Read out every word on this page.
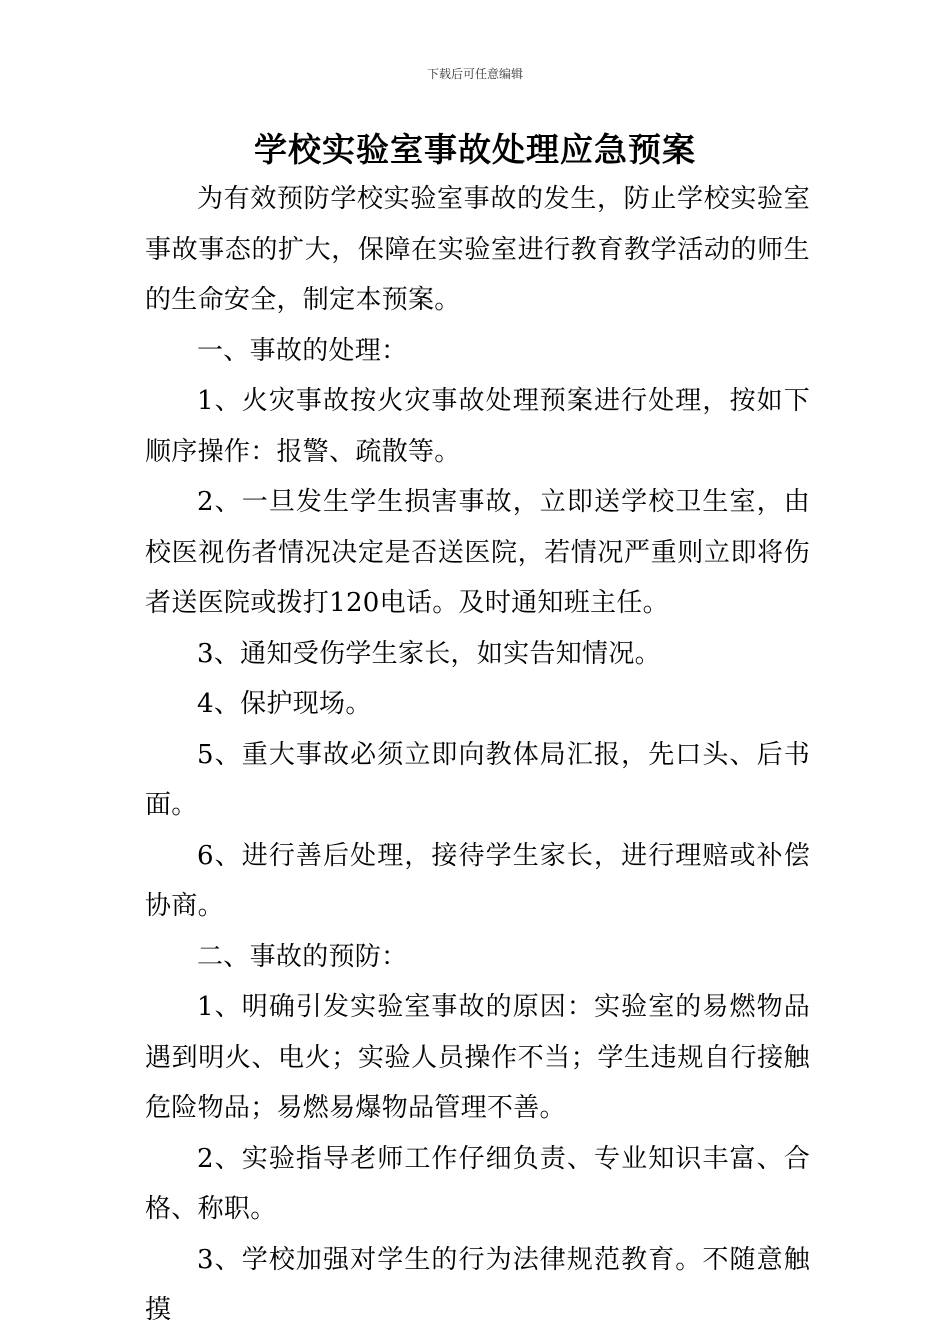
下载后可任意编辑
学校实验室事故处理应急预案

为有效预防学校实验室事故的发生，防止学校实验室事故事态的扩大，保障在实验室进行教育教学活动的师生的生命安全，制定本预案。

一、事故的处理：

1、火灾事故按火灾事故处理预案进行处理，按如下顺序操作：报警、疏散等。

2、一旦发生学生损害事故，立即送学校卫生室，由校医视伤者情况决定是否送医院，若情况严重则立即将伤者送医院或拨打120电话。及时通知班主任。

3、通知受伤学生家长，如实告知情况。

4、保护现场。

5、重大事故必须立即向教体局汇报，先口头、后书面。

6、进行善后处理，接待学生家长，进行理赔或补偿协商。

二、事故的预防：

1、明确引发实验室事故的原因：实验室的易燃物品遇到明火、电火；实验人员操作不当；学生违规自行接触危险物品；易燃易爆物品管理不善。

2、实验指导老师工作仔细负责、专业知识丰富、合格、称职。

3、学校加强对学生的行为法律规范教育。不随意触摸
